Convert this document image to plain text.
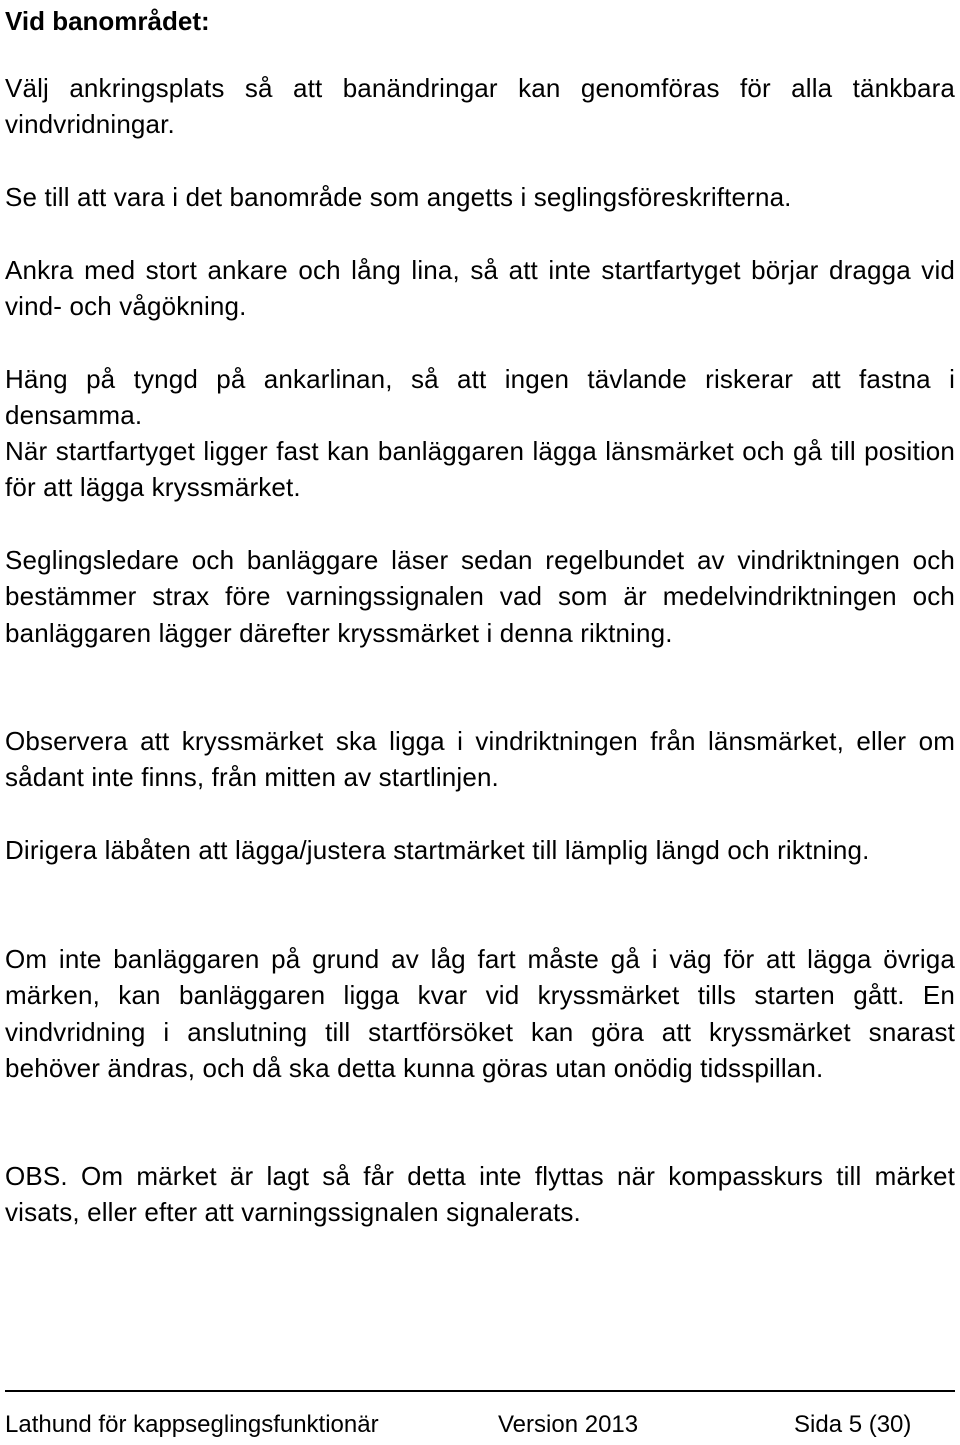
Vid banområdet:

Välj ankringsplats så att banändringar kan genomföras för alla tänkbara vindvridningar.

Se till att vara i det banområde som angetts i seglingsföreskrifterna.

Ankra med stort ankare och lång lina, så att inte startfartyget börjar dragga vid vind- och vågökning.

Häng på tyngd på ankarlinan, så att ingen tävlande riskerar att fastna i densamma.

När startfartyget ligger fast kan banläggaren lägga länsmärket och gå till position för att lägga kryssmärket.

Seglingsledare och banläggare läser sedan regelbundet av vindriktningen och bestämmer strax före varningssignalen vad som är medelvindriktningen och banläggaren lägger därefter kryssmärket i denna riktning.

Observera att kryssmärket ska ligga i vindriktningen från länsmärket, eller om sådant inte finns, från mitten av startlinjen.

Dirigera läbåten att lägga/justera startmärket till lämplig längd och riktning.

Om inte banläggaren på grund av låg fart måste gå i väg för att lägga övriga märken, kan banläggaren ligga kvar vid kryssmärket tills starten gått. En vindvridning i anslutning till startförsöket kan göra att kryssmärket snarast behöver ändras, och då ska detta kunna göras utan onödig tidsspillan.

OBS. Om märket är lagt så får detta inte flyttas när kompasskurs till märket visats, eller efter att varningssignalen signalerats.

Lathund för kappseglingsfunktionär	Version 2013	Sida 5 (30)
